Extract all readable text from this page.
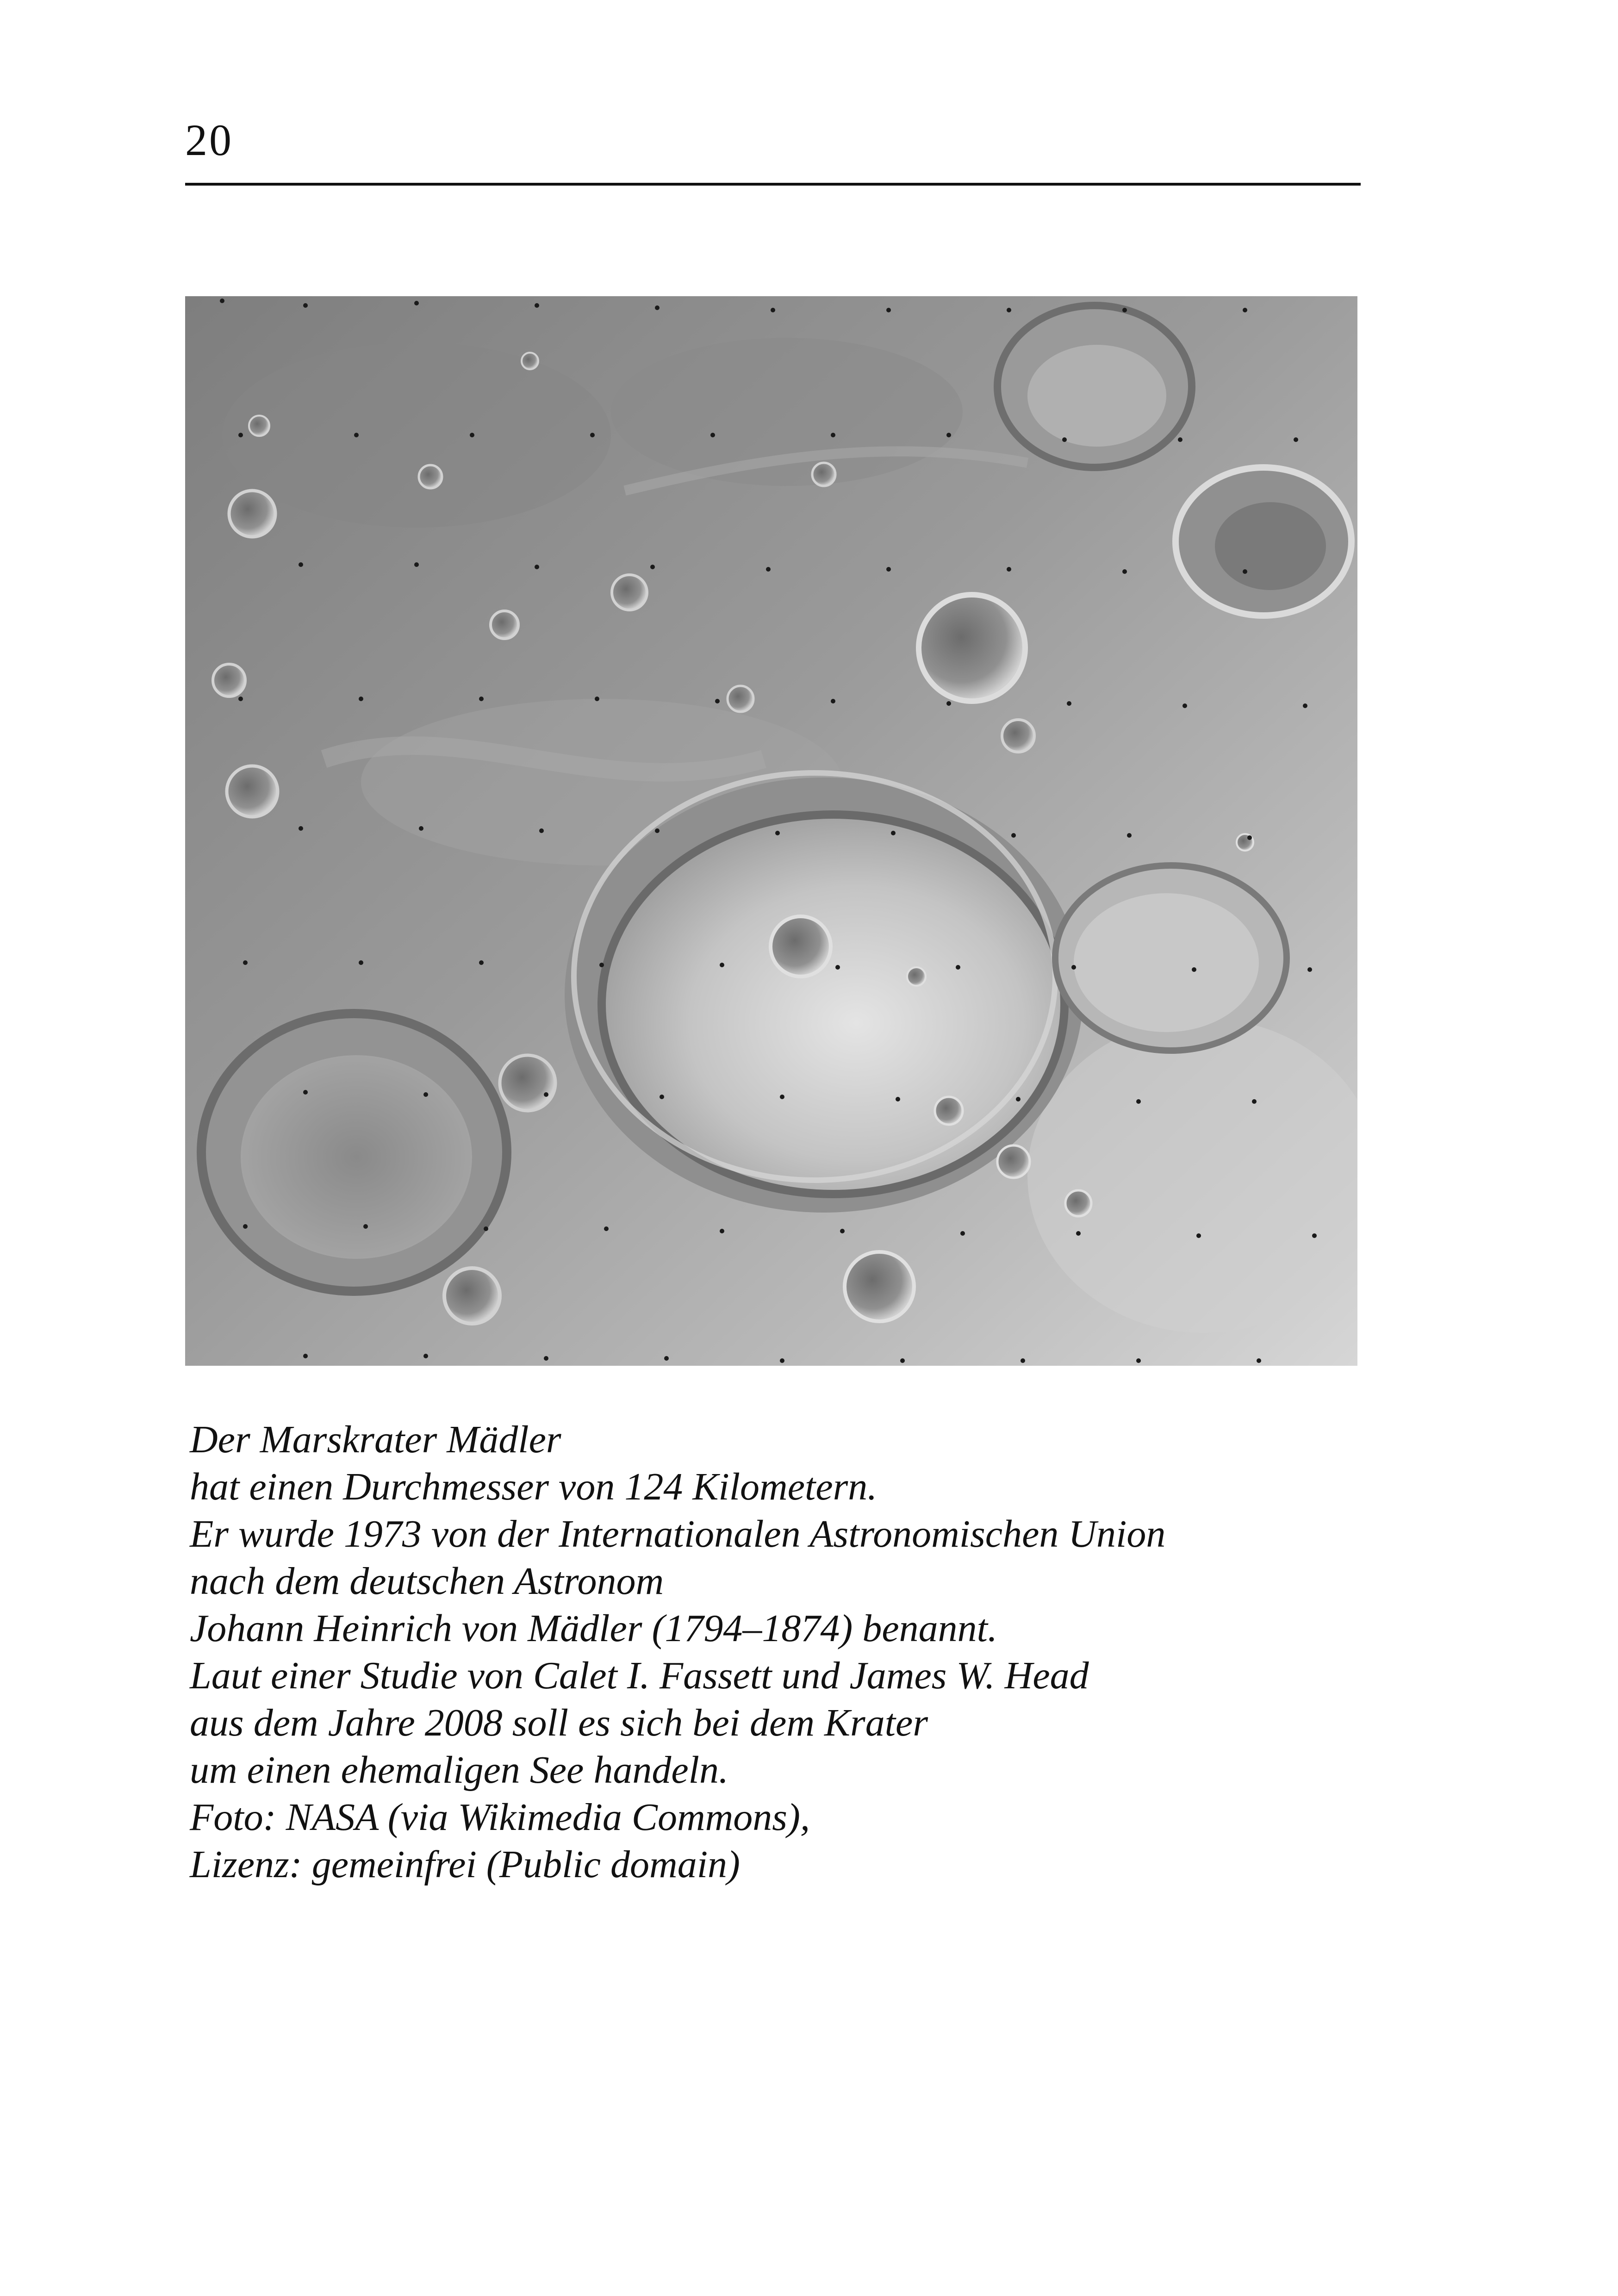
20
Der Marskrater Mädler
hat einen Durchmesser von 124 Kilometern.
Er wurde 1973 von der Internationalen Astronomischen Union
nach dem deutschen Astronom
Johann Heinrich von Mädler (1794–1874) benannt.
Laut einer Studie von Calet I. Fassett und James W. Head
aus dem Jahre 2008 soll es sich bei dem Krater
um einen ehemaligen See handeln.
Foto: NASA (via Wikimedia Commons),
Lizenz: gemeinfrei (Public domain)
